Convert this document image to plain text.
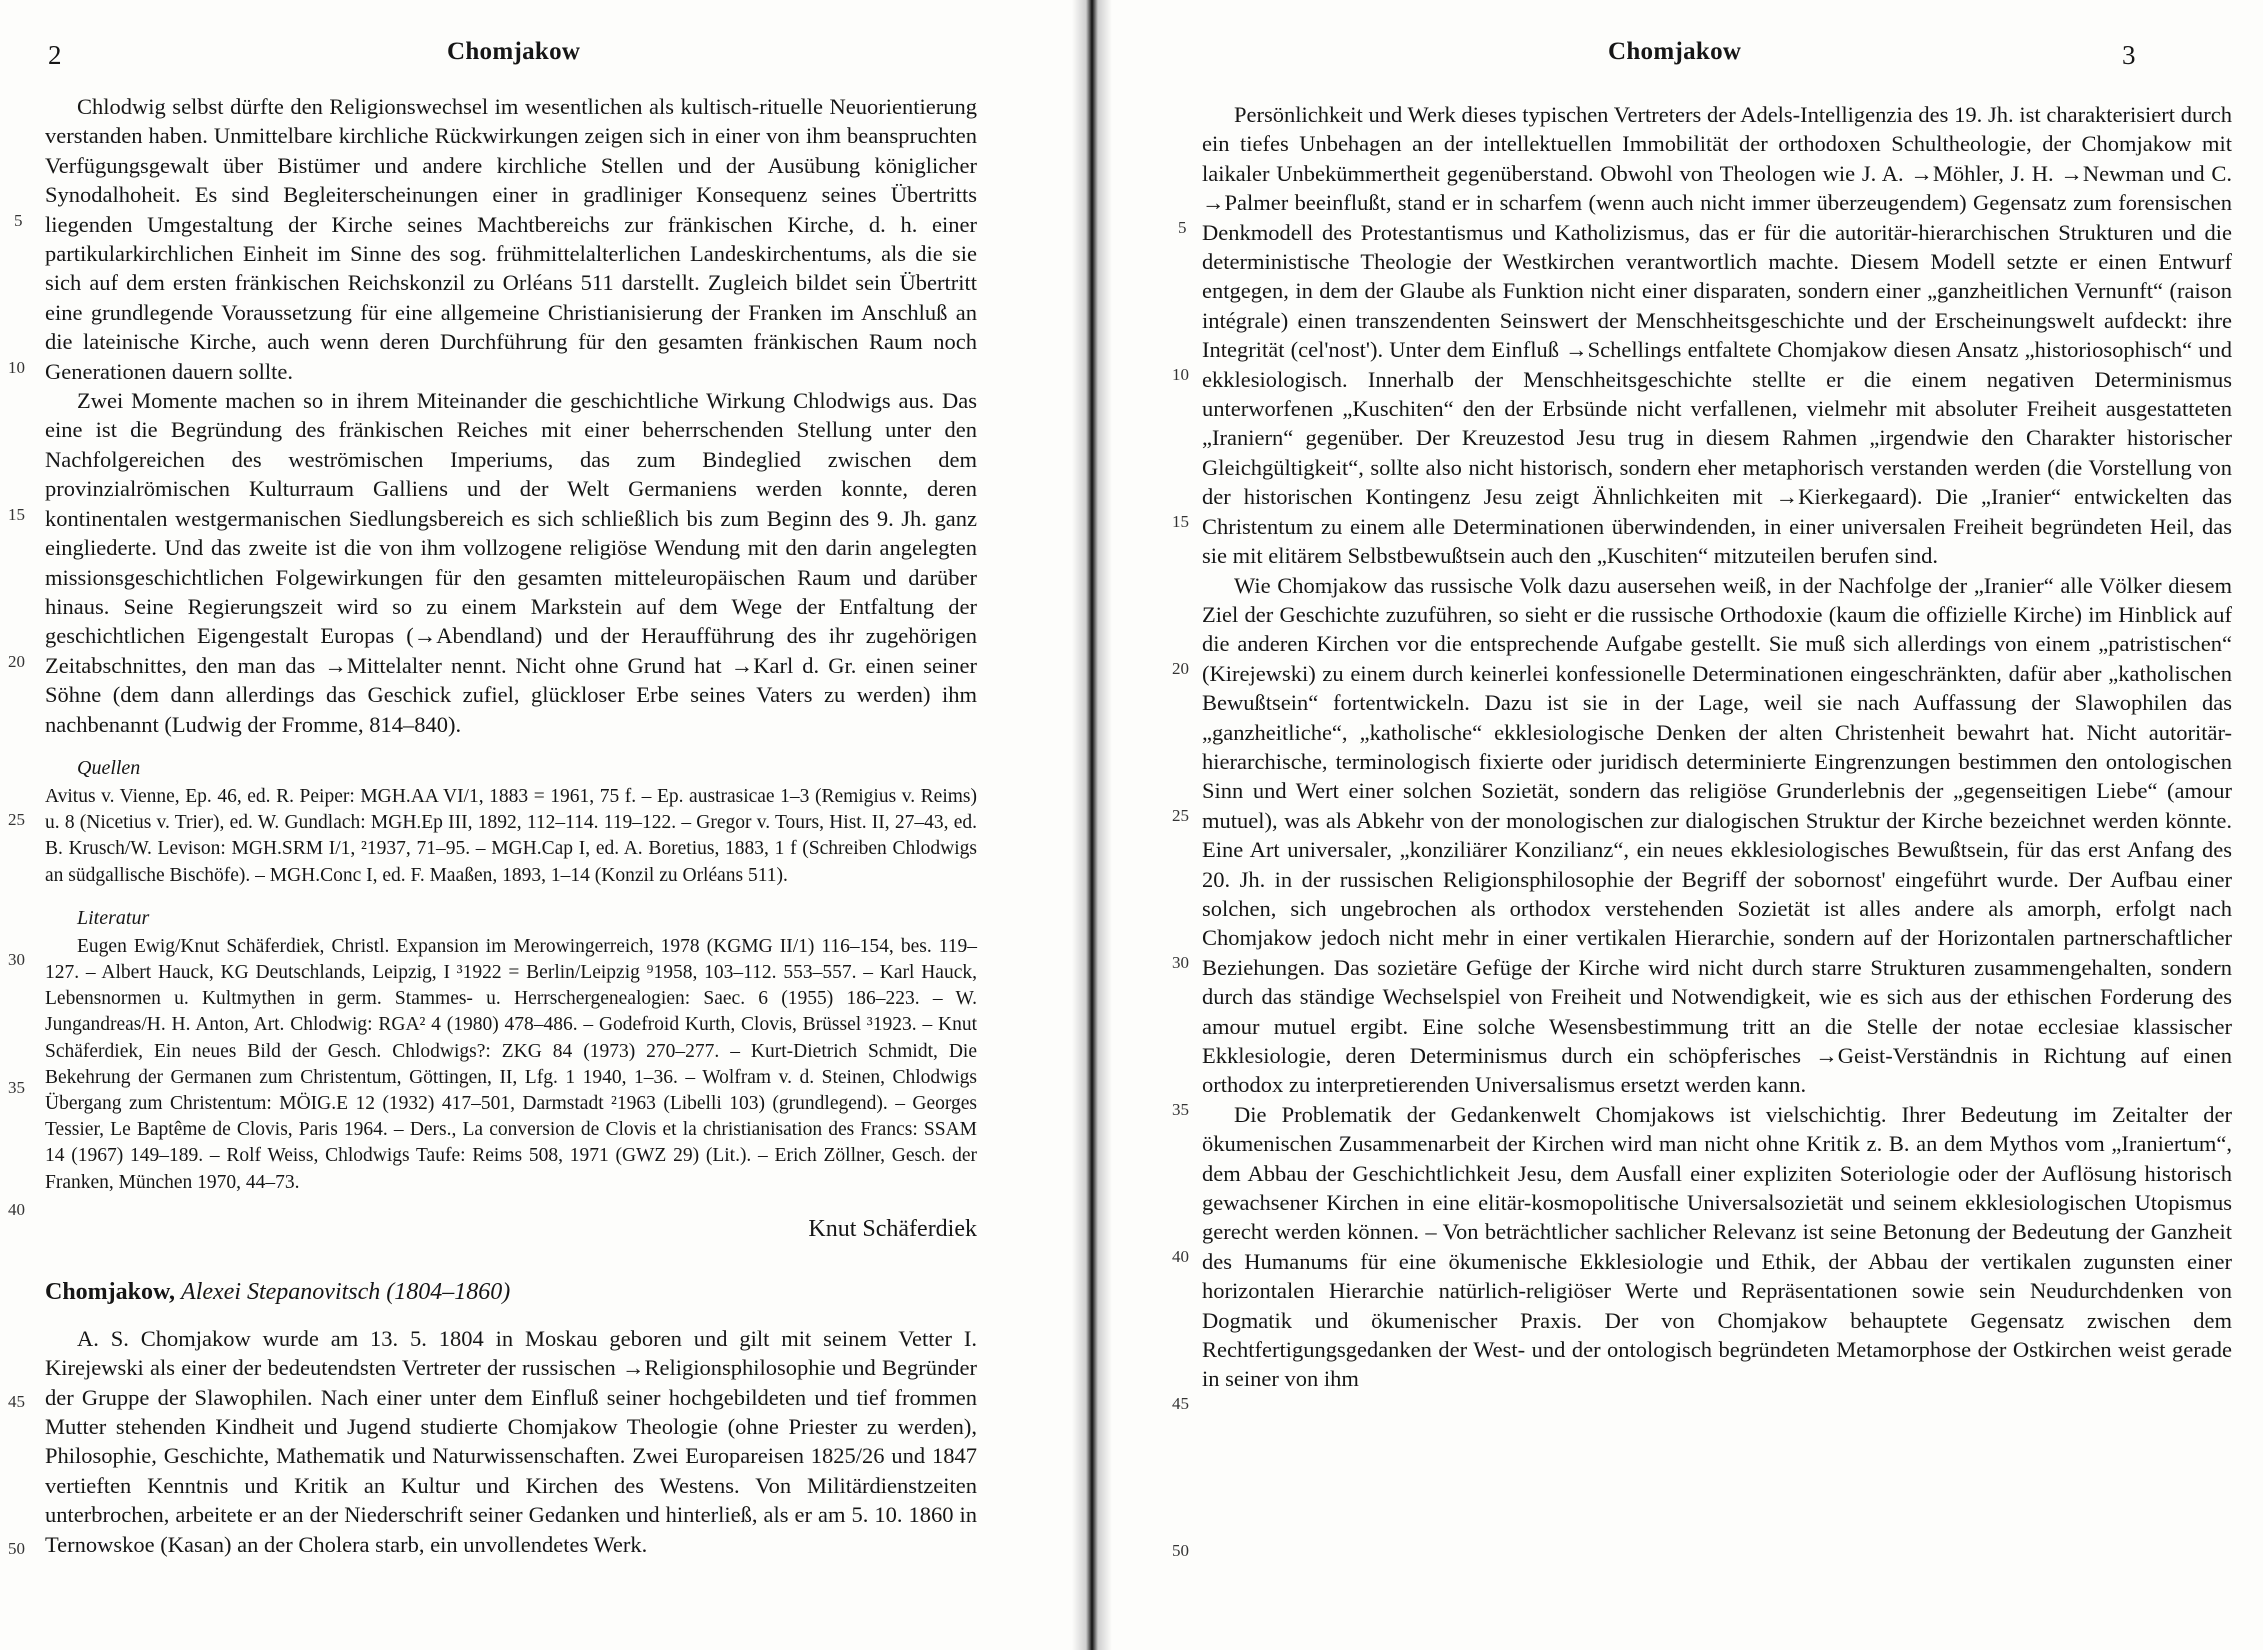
2	Chomjakow

Chlodwig selbst dürfte den Religionswechsel im wesentlichen als kultisch-rituelle Neuorientierung verstanden haben. Unmittelbare kirchliche Rückwirkungen zeigen sich in einer von ihm beanspruchten Verfügungsgewalt über Bistümer und andere kirchliche Stellen und der Ausübung königlicher Synodalhoheit. Es sind Begleiterscheinungen einer in gradliniger Konsequenz seines Übertritts liegenden Umgestaltung der Kirche seines Machtbereichs zur fränkischen Kirche, d. h. einer partikularkirchlichen Einheit im Sinne des sog. frühmittelalterlichen Landeskirchentums, als die sie sich auf dem ersten fränkischen Reichskonzil zu Orléans 511 darstellt. Zugleich bildet sein Übertritt eine grundlegende Voraussetzung für eine allgemeine Christianisierung der Franken im Anschluß an die lateinische Kirche, auch wenn deren Durchführung für den gesamten fränkischen Raum noch Generationen dauern sollte.

Zwei Momente machen so in ihrem Miteinander die geschichtliche Wirkung Chlodwigs aus. Das eine ist die Begründung des fränkischen Reiches mit einer beherrschenden Stellung unter den Nachfolgereichen des weströmischen Imperiums, das zum Bindeglied zwischen dem provinzialrömischen Kulturraum Galliens und der Welt Germaniens werden konnte, deren kontinentalen westgermanischen Siedlungsbereich es sich schließlich bis zum Beginn des 9. Jh. ganz eingliederte. Und das zweite ist die von ihm vollzogene religiöse Wendung mit den darin angelegten missionsgeschichtlichen Folgewirkungen für den gesamten mitteleuropäischen Raum und darüber hinaus. Seine Regierungszeit wird so zu einem Markstein auf dem Wege der Entfaltung der geschichtlichen Eigengestalt Europas (→Abendland) und der Heraufführung des ihr zugehörigen Zeitabschnittes, den man das →Mittelalter nennt. Nicht ohne Grund hat →Karl d. Gr. einen seiner Söhne (dem dann allerdings das Geschick zufiel, glückloser Erbe seines Vaters zu werden) ihm nachbenannt (Ludwig der Fromme, 814–840).

Quellen

Avitus v. Vienne, Ep. 46, ed. R. Peiper: MGH.AA VI/1, 1883 = 1961, 75 f. – Ep. austrasicae 1–3 (Remigius v. Reims) u. 8 (Nicetius v. Trier), ed. W. Gundlach: MGH.Ep III, 1892, 112–114. 119–122. – Gregor v. Tours, Hist. II, 27–43, ed. B. Krusch/W. Levison: MGH.SRM I/1, ²1937, 71–95. – MGH.Cap I, ed. A. Boretius, 1883, 1 f (Schreiben Chlodwigs an südgallische Bischöfe). – MGH.Conc I, ed. F. Maaßen, 1893, 1–14 (Konzil zu Orléans 511).

Literatur

Eugen Ewig/Knut Schäferdiek, Christl. Expansion im Merowingerreich, 1978 (KGMG II/1) 116–154, bes. 119–127. – Albert Hauck, KG Deutschlands, Leipzig, I ³1922 = Berlin/Leipzig ⁹1958, 103–112. 553–557. – Karl Hauck, Lebensnormen u. Kultmythen in germ. Stammes- u. Herrschergenealogien: Saec. 6 (1955) 186–223. – W. Jungandreas/H. H. Anton, Art. Chlodwig: RGA² 4 (1980) 478–486. – Godefroid Kurth, Clovis, Brüssel ³1923. – Knut Schäferdiek, Ein neues Bild der Gesch. Chlodwigs?: ZKG 84 (1973) 270–277. – Kurt-Dietrich Schmidt, Die Bekehrung der Germanen zum Christentum, Göttingen, II, Lfg. 1 1940, 1–36. – Wolfram v. d. Steinen, Chlodwigs Übergang zum Christentum: MÖIG.E 12 (1932) 417–501, Darmstadt ²1963 (Libelli 103) (grundlegend). – Georges Tessier, Le Baptême de Clovis, Paris 1964. – Ders., La conversion de Clovis et la christianisation des Francs: SSAM 14 (1967) 149–189. – Rolf Weiss, Chlodwigs Taufe: Reims 508, 1971 (GWZ 29) (Lit.). – Erich Zöllner, Gesch. der Franken, München 1970, 44–73.

Knut Schäferdiek
Chomjakow, Alexei Stepanovitsch (1804–1860)

A. S. Chomjakow wurde am 13. 5. 1804 in Moskau geboren und gilt mit seinem Vetter I. Kirejewski als einer der bedeutendsten Vertreter der russischen →Religionsphilosophie und Begründer der Gruppe der Slawophilen. Nach einer unter dem Einfluß seiner hochgebildeten und tief frommen Mutter stehenden Kindheit und Jugend studierte Chomjakow Theologie (ohne Priester zu werden), Philosophie, Geschichte, Mathematik und Naturwissenschaften. Zwei Europareisen 1825/26 und 1847 vertieften Kenntnis und Kritik an Kultur und Kirchen des Westens. Von Militärdienstzeiten unterbrochen, arbeitete er an der Niederschrift seiner Gedanken und hinterließ, als er am 5. 10. 1860 in Ternowskoe (Kasan) an der Cholera starb, ein unvollendetes Werk.

5
10
15
20
25
30
35
40
45
50
Chomjakow	3

Persönlichkeit und Werk dieses typischen Vertreters der Adels-Intelligenzia des 19. Jh. ist charakterisiert durch ein tiefes Unbehagen an der intellektuellen Immobilität der orthodoxen Schultheologie, der Chomjakow mit laikaler Unbekümmertheit gegenüberstand. Obwohl von Theologen wie J. A. →Möhler, J. H. →Newman und C. →Palmer beeinflußt, stand er in scharfem (wenn auch nicht immer überzeugendem) Gegensatz zum forensischen Denkmodell des Protestantismus und Katholizismus, das er für die autoritär-hierarchischen Strukturen und die deterministische Theologie der Westkirchen verantwortlich machte. Diesem Modell setzte er einen Entwurf entgegen, in dem der Glaube als Funktion nicht einer disparaten, sondern einer „ganzheitlichen Vernunft“ (raison intégrale) einen transzendenten Seinswert der Menschheitsgeschichte und der Erscheinungswelt aufdeckt: ihre Integrität (cel'nost'). Unter dem Einfluß →Schellings entfaltete Chomjakow diesen Ansatz „historiosophisch“ und ekklesiologisch. Innerhalb der Menschheitsgeschichte stellte er die einem negativen Determinismus unterworfenen „Kuschiten“ den der Erbsünde nicht verfallenen, vielmehr mit absoluter Freiheit ausgestatteten „Iraniern“ gegenüber. Der Kreuzestod Jesu trug in diesem Rahmen „irgendwie den Charakter historischer Gleichgültigkeit“, sollte also nicht historisch, sondern eher metaphorisch verstanden werden (die Vorstellung von der historischen Kontingenz Jesu zeigt Ähnlichkeiten mit →Kierkegaard). Die „Iranier“ entwickelten das Christentum zu einem alle Determinationen überwindenden, in einer universalen Freiheit begründeten Heil, das sie mit elitärem Selbstbewußtsein auch den „Kuschiten“ mitzuteilen berufen sind.

Wie Chomjakow das russische Volk dazu ausersehen weiß, in der Nachfolge der „Iranier“ alle Völker diesem Ziel der Geschichte zuzuführen, so sieht er die russische Orthodoxie (kaum die offizielle Kirche) im Hinblick auf die anderen Kirchen vor die entsprechende Aufgabe gestellt. Sie muß sich allerdings von einem „patristischen“ (Kirejewski) zu einem durch keinerlei konfessionelle Determinationen eingeschränkten, dafür aber „katholischen Bewußtsein“ fortentwickeln. Dazu ist sie in der Lage, weil sie nach Auffassung der Slawophilen das „ganzheitliche“, „katholische“ ekklesiologische Denken der alten Christenheit bewahrt hat. Nicht autoritär-hierarchische, terminologisch fixierte oder juridisch determinierte Eingrenzungen bestimmen den ontologischen Sinn und Wert einer solchen Sozietät, sondern das religiöse Grunderlebnis der „gegenseitigen Liebe“ (amour mutuel), was als Abkehr von der monologischen zur dialogischen Struktur der Kirche bezeichnet werden könnte. Eine Art universaler, „konziliärer Konzilianz“, ein neues ekklesiologisches Bewußtsein, für das erst Anfang des 20. Jh. in der russischen Religionsphilosophie der Begriff der sobornost' eingeführt wurde. Der Aufbau einer solchen, sich ungebrochen als orthodox verstehenden Sozietät ist alles andere als amorph, erfolgt nach Chomjakow jedoch nicht mehr in einer vertikalen Hierarchie, sondern auf der Horizontalen partnerschaftlicher Beziehungen. Das sozietäre Gefüge der Kirche wird nicht durch starre Strukturen zusammengehalten, sondern durch das ständige Wechselspiel von Freiheit und Notwendigkeit, wie es sich aus der ethischen Forderung des amour mutuel ergibt. Eine solche Wesensbestimmung tritt an die Stelle der notae ecclesiae klassischer Ekklesiologie, deren Determinismus durch ein schöpferisches →Geist-Verständnis in Richtung auf einen orthodox zu interpretierenden Universalismus ersetzt werden kann.

Die Problematik der Gedankenwelt Chomjakows ist vielschichtig. Ihrer Bedeutung im Zeitalter der ökumenischen Zusammenarbeit der Kirchen wird man nicht ohne Kritik z. B. an dem Mythos vom „Iraniertum“, dem Abbau der Geschichtlichkeit Jesu, dem Ausfall einer expliziten Soteriologie oder der Auflösung historisch gewachsener Kirchen in eine elitär-kosmopolitische Universalsozietät und seinem ekklesiologischen Utopismus gerecht werden können. – Von beträchtlicher sachlicher Relevanz ist seine Betonung der Bedeutung der Ganzheit des Humanums für eine ökumenische Ekklesiologie und Ethik, der Abbau der vertikalen zugunsten einer horizontalen Hierarchie natürlich-religiöser Werte und Repräsentationen sowie sein Neudurchdenken von Dogmatik und ökumenischer Praxis. Der von Chomjakow behauptete Gegensatz zwischen dem Rechtfertigungsgedanken der West- und der ontologisch begründeten Metamorphose der Ostkirchen weist gerade in seiner von ihm

5
10
15
20
25
30
35
40
45
50
